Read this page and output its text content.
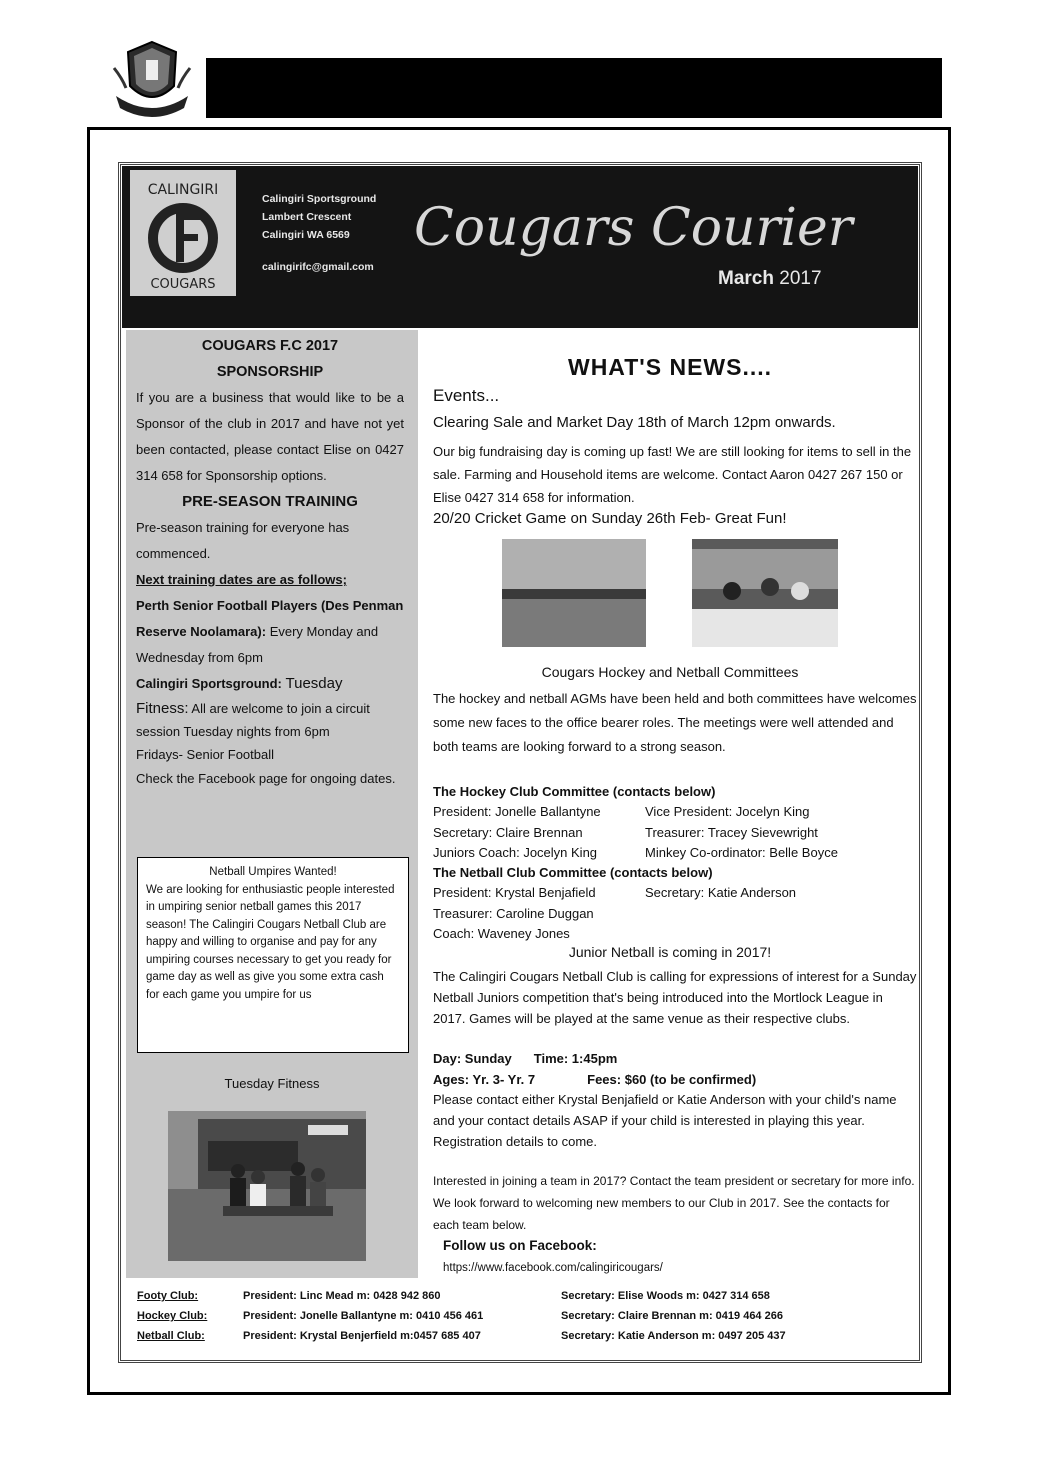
CALINGIRI
COUGARS
Calingiri Sportsground
Lambert Crescent
Calingiri WA 6569
calingirifc@gmail.com
Cougars Courier
March 2017
COUGARS F.C 2017
SPONSORSHIP
If you are a business that would like to be a Sponsor of the club in 2017 and have not yet been contacted, please contact Elise on 0427 314 658 for Sponsorship options.
PRE-SEASON TRAINING
Pre-season training for everyone has commenced.
Next training dates are as follows;
Perth Senior Football Players (Des Penman Reserve Noolamara): Every Monday and Wednesday from 6pm
Calingiri Sportsground: Tuesday
Fitness: All are welcome to join a circuit session Tuesday nights from 6pm
Fridays- Senior Football
Check the Facebook page for ongoing dates.
Netball Umpires Wanted!
We are looking for enthusiastic people interested in umpiring senior netball games this 2017 season! The Calingiri Cougars Netball Club are happy and willing to organise and pay for any umpiring courses necessary to get you ready for game day as well as give you some extra cash for each game you umpire for us
Tuesday Fitness
WHAT'S NEWS....
Events...
Clearing Sale and Market Day 18th of March 12pm onwards.
Our big fundraising day is coming up fast! We are still looking for items to sell in the sale. Farming and Household items are welcome. Contact Aaron 0427 267 150 or Elise 0427 314 658 for information.
20/20 Cricket Game on Sunday 26th Feb- Great Fun!
Cougars Hockey and Netball Committees
The hockey and netball AGMs have been held and both committees have welcomes some new faces to the office bearer roles. The meetings were well attended and both teams are looking forward to a strong season.
The Hockey Club Committee (contacts below)
President: Jonelle Ballantyne	Vice President: Jocelyn King
Secretary: Claire Brennan	Treasurer: Tracey Sievewright
Juniors Coach: Jocelyn King	Minkey Co-ordinator: Belle Boyce
The Netball Club Committee (contacts below)
President: Krystal Benjafield	Secretary: Katie Anderson
Treasurer: Caroline Duggan
Coach: Waveney Jones
Junior Netball is coming in 2017!
The Calingiri Cougars Netball Club is calling for expressions of interest for a Sunday Netball Juniors competition that's being introduced into the Mortlock League in 2017. Games will be played at the same venue as their respective clubs.
Day: Sunday Time: 1:45pm
Ages: Yr. 3- Yr. 7	Fees: $60 (to be confirmed)
Please contact either Krystal Benjafield or Katie Anderson with your child's name and your contact details ASAP if your child is interested in playing this year. Registration details to come.
Interested in joining a team in 2017? Contact the team president or secretary for more info. We look forward to welcoming new members to our Club in 2017. See the contacts for each team below.
Follow us on Facebook:
https://www.facebook.com/calingiricougars/
Footy Club:	President: Linc Mead m: 0428 942 860	Secretary: Elise Woods m: 0427 314 658
Hockey Club:	President: Jonelle Ballantyne m: 0410 456 461	Secretary: Claire Brennan m: 0419 464 266
Netball Club:	President: Krystal Benjerfield m:0457 685 407	Secretary: Katie Anderson m: 0497 205 437
